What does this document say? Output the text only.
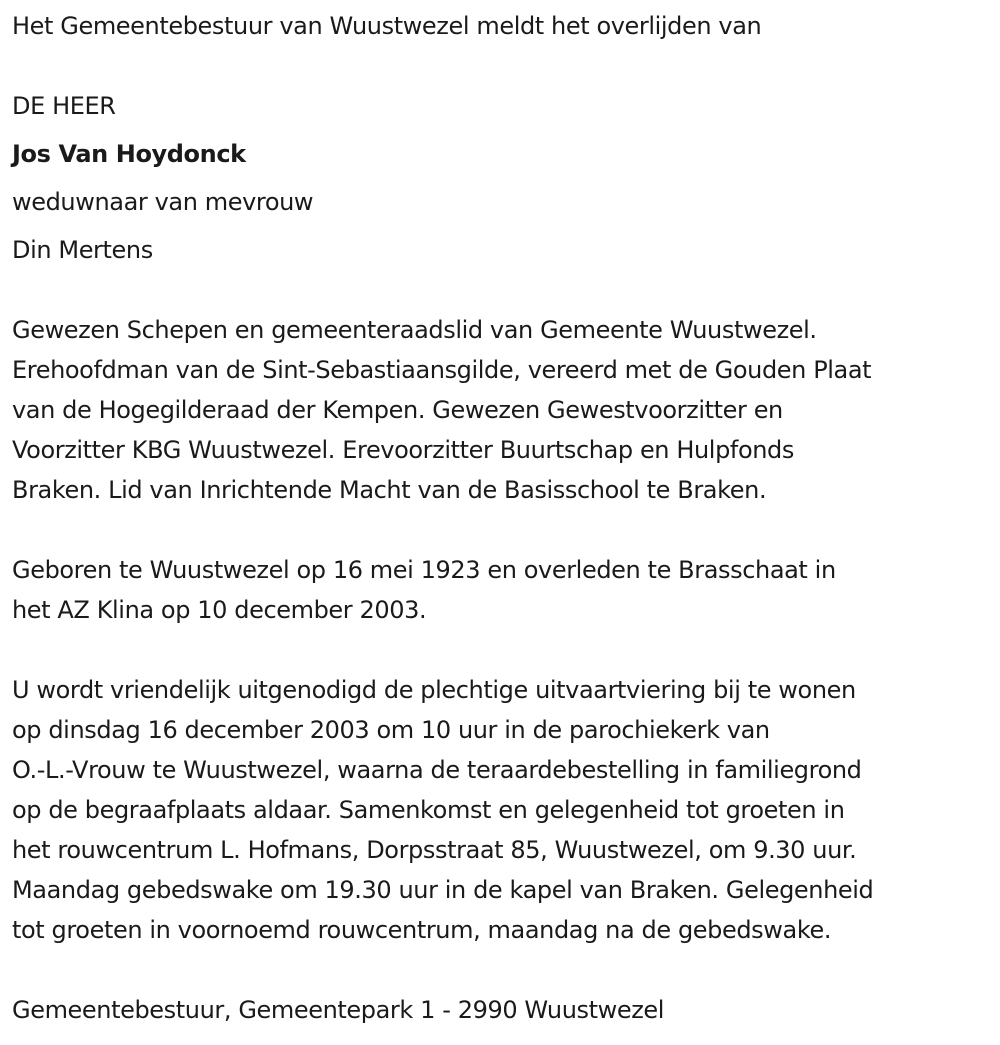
Het Gemeentebestuur van Wuustwezel meldt het overlijden van
DE HEER
Jos Van Hoydonck
weduwnaar van mevrouw
Din Mertens
Gewezen Schepen en gemeenteraadslid van Gemeente Wuustwezel.
Erehoofdman van de Sint-Sebastiaansgilde, vereerd met de Gouden Plaat
van de Hogegilderaad der Kempen. Gewezen Gewestvoorzitter en
Voorzitter KBG Wuustwezel. Erevoorzitter Buurtschap en Hulpfonds
Braken. Lid van Inrichtende Macht van de Basisschool te Braken.
Geboren te Wuustwezel op 16 mei 1923 en overleden te Brasschaat in
het AZ Klina op 10 december 2003.
U wordt vriendelijk uitgenodigd de plechtige uitvaartviering bij te wonen
op dinsdag 16 december 2003 om 10 uur in de parochiekerk van
O.-L.-Vrouw te Wuustwezel, waarna de teraardebestelling in familiegrond
op de begraafplaats aldaar. Samenkomst en gelegenheid tot groeten in
het rouwcentrum L. Hofmans, Dorpsstraat 85, Wuustwezel, om 9.30 uur.
Maandag gebedswake om 19.30 uur in de kapel van Braken. Gelegenheid
tot groeten in voornoemd rouwcentrum, maandag na de gebedswake.
Gemeentebestuur, Gemeentepark 1 - 2990 Wuustwezel
